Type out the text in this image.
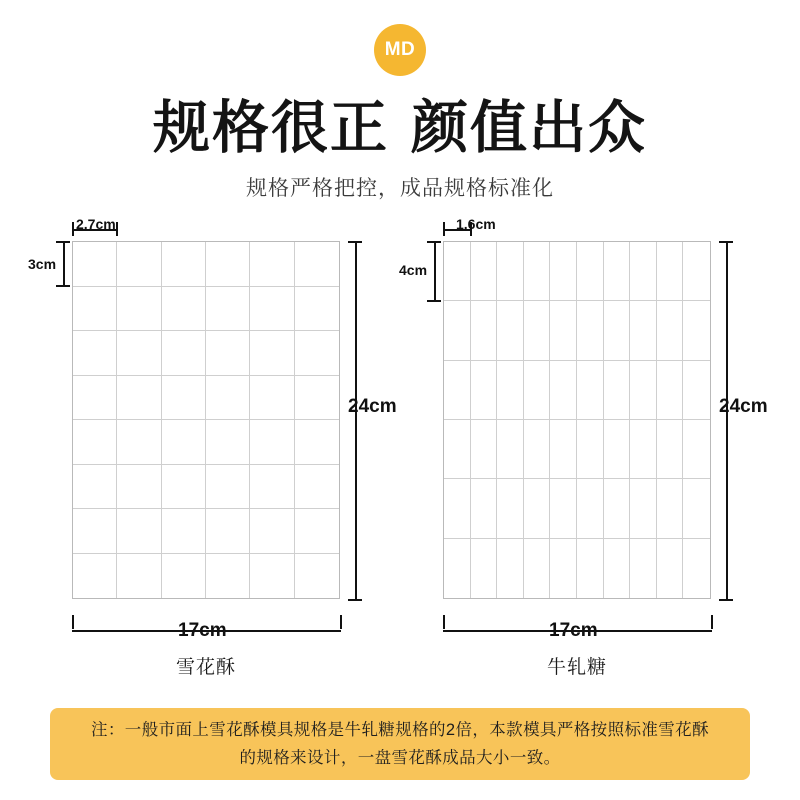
MD
规格很正 颜值出众
规格严格把控，成品规格标准化
2.7cm
3cm
24cm
17cm
雪花酥
1.6cm
4cm
24cm
17cm
牛轧糖
注：一般市面上雪花酥模具规格是牛轧糖规格的2倍，本款模具严格按照标准雪花酥
的规格来设计，一盘雪花酥成品大小一致。
